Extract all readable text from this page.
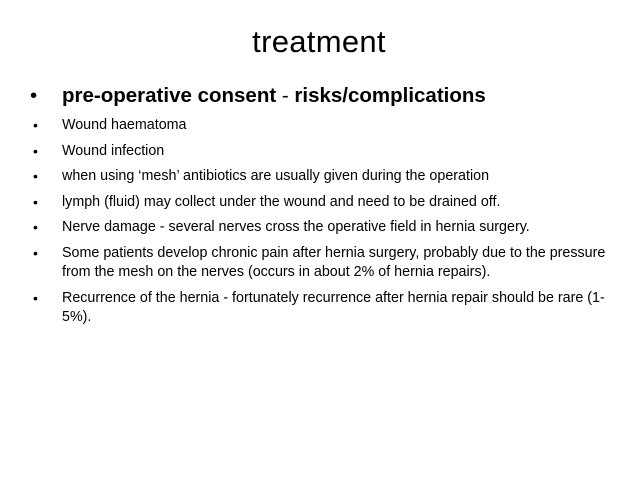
treatment
•	pre-operative consent - risks/complications
• Wound haematoma
• Wound infection
• when using ‘mesh’ antibiotics are usually given during the operation
• lymph (fluid) may collect under the wound and need to be drained off.
• Nerve damage - several nerves cross the operative field in hernia surgery.
• Some patients develop chronic pain after hernia surgery, probably due to the pressure from the mesh on the nerves (occurs in about 2% of hernia repairs).
• Recurrence of the hernia - fortunately recurrence after hernia repair should be rare (1-5%).
